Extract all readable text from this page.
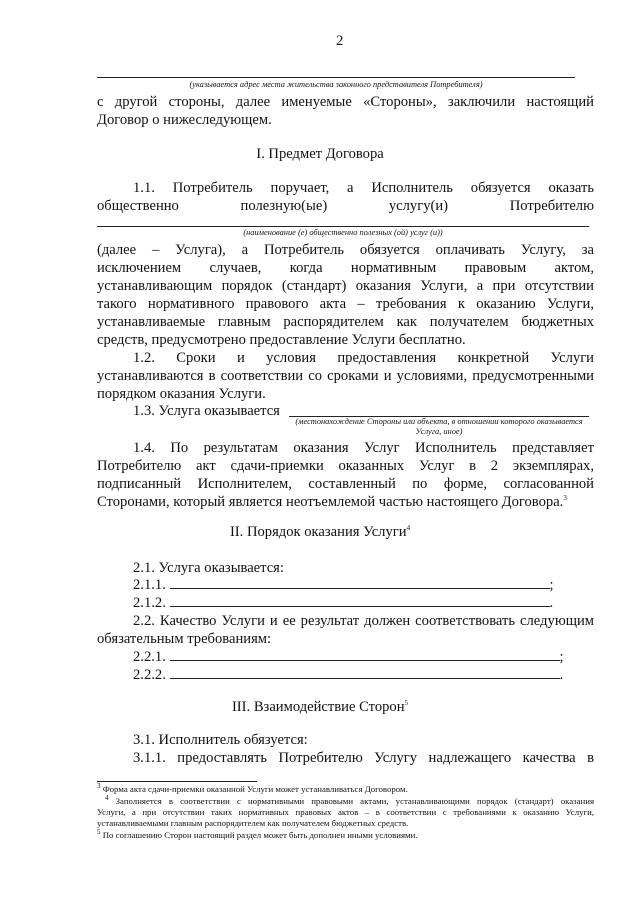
2
(указывается адрес места жительства законного представителя Потребителя)
с другой стороны, далее именуемые «Стороны», заключили настоящий
Договор о нижеследующем.
I. Предмет Договора
1.1. Потребитель поручает, а Исполнитель обязуется оказать
общественно полезную(ые) услугу(и) Потребителю
(наименование (е) общественно полезных (ой) услуг (и))
(далее – Услуга), а Потребитель обязуется оплачивать Услугу, за
исключением случаев, когда нормативным правовым актом,
устанавливающим порядок (стандарт) оказания Услуги, а при отсутствии
такого нормативного правового акта – требования к оказанию Услуги,
устанавливаемые главным распорядителем как получателем бюджетных
средств, предусмотрено предоставление Услуги бесплатно.
1.2. Сроки и условия предоставления конкретной Услуги
устанавливаются в соответствии со сроками и условиями, предусмотренными
порядком оказания Услуги.
1.3. Услуга оказывается
(местонахождение Стороны или объекта, в отношении которого оказывается Услуга, иное)
1.4. По результатам оказания Услуг Исполнитель представляет
Потребителю акт сдачи-приемки оказанных Услуг в 2 экземплярах,
подписанный Исполнителем, составленный по форме, согласованной
Сторонами, который является неотъемлемой частью настоящего Договора.$^3$
II. Порядок оказания Услуги$^4$
2.1. Услуга оказывается:
2.1.1.	;
2.1.2.	.
2.2. Качество Услуги и ее результат должен соответствовать следующим
обязательным требованиям:
2.2.1.	;
2.2.2.	.
III. Взаимодействие Сторон$^5$
3.1. Исполнитель обязуется:
3.1.1. предоставлять Потребителю Услугу надлежащего качества в
$^3$ Форма акта сдачи-приемки оказанной Услуги может устанавливаться Договором.
$^4$ Заполняется в соответствии с нормативными правовыми актами, устанавливающими порядок (стандарт) оказания
Услуги, а при отсутствии таких нормативных правовых актов – в соответствии с требованиями к оказанию Услуги,
устанавливаемыми главным распорядителем как получателем бюджетных средств.
$^5$ По соглашению Сторон настоящий раздел может быть дополнен иными условиями.
